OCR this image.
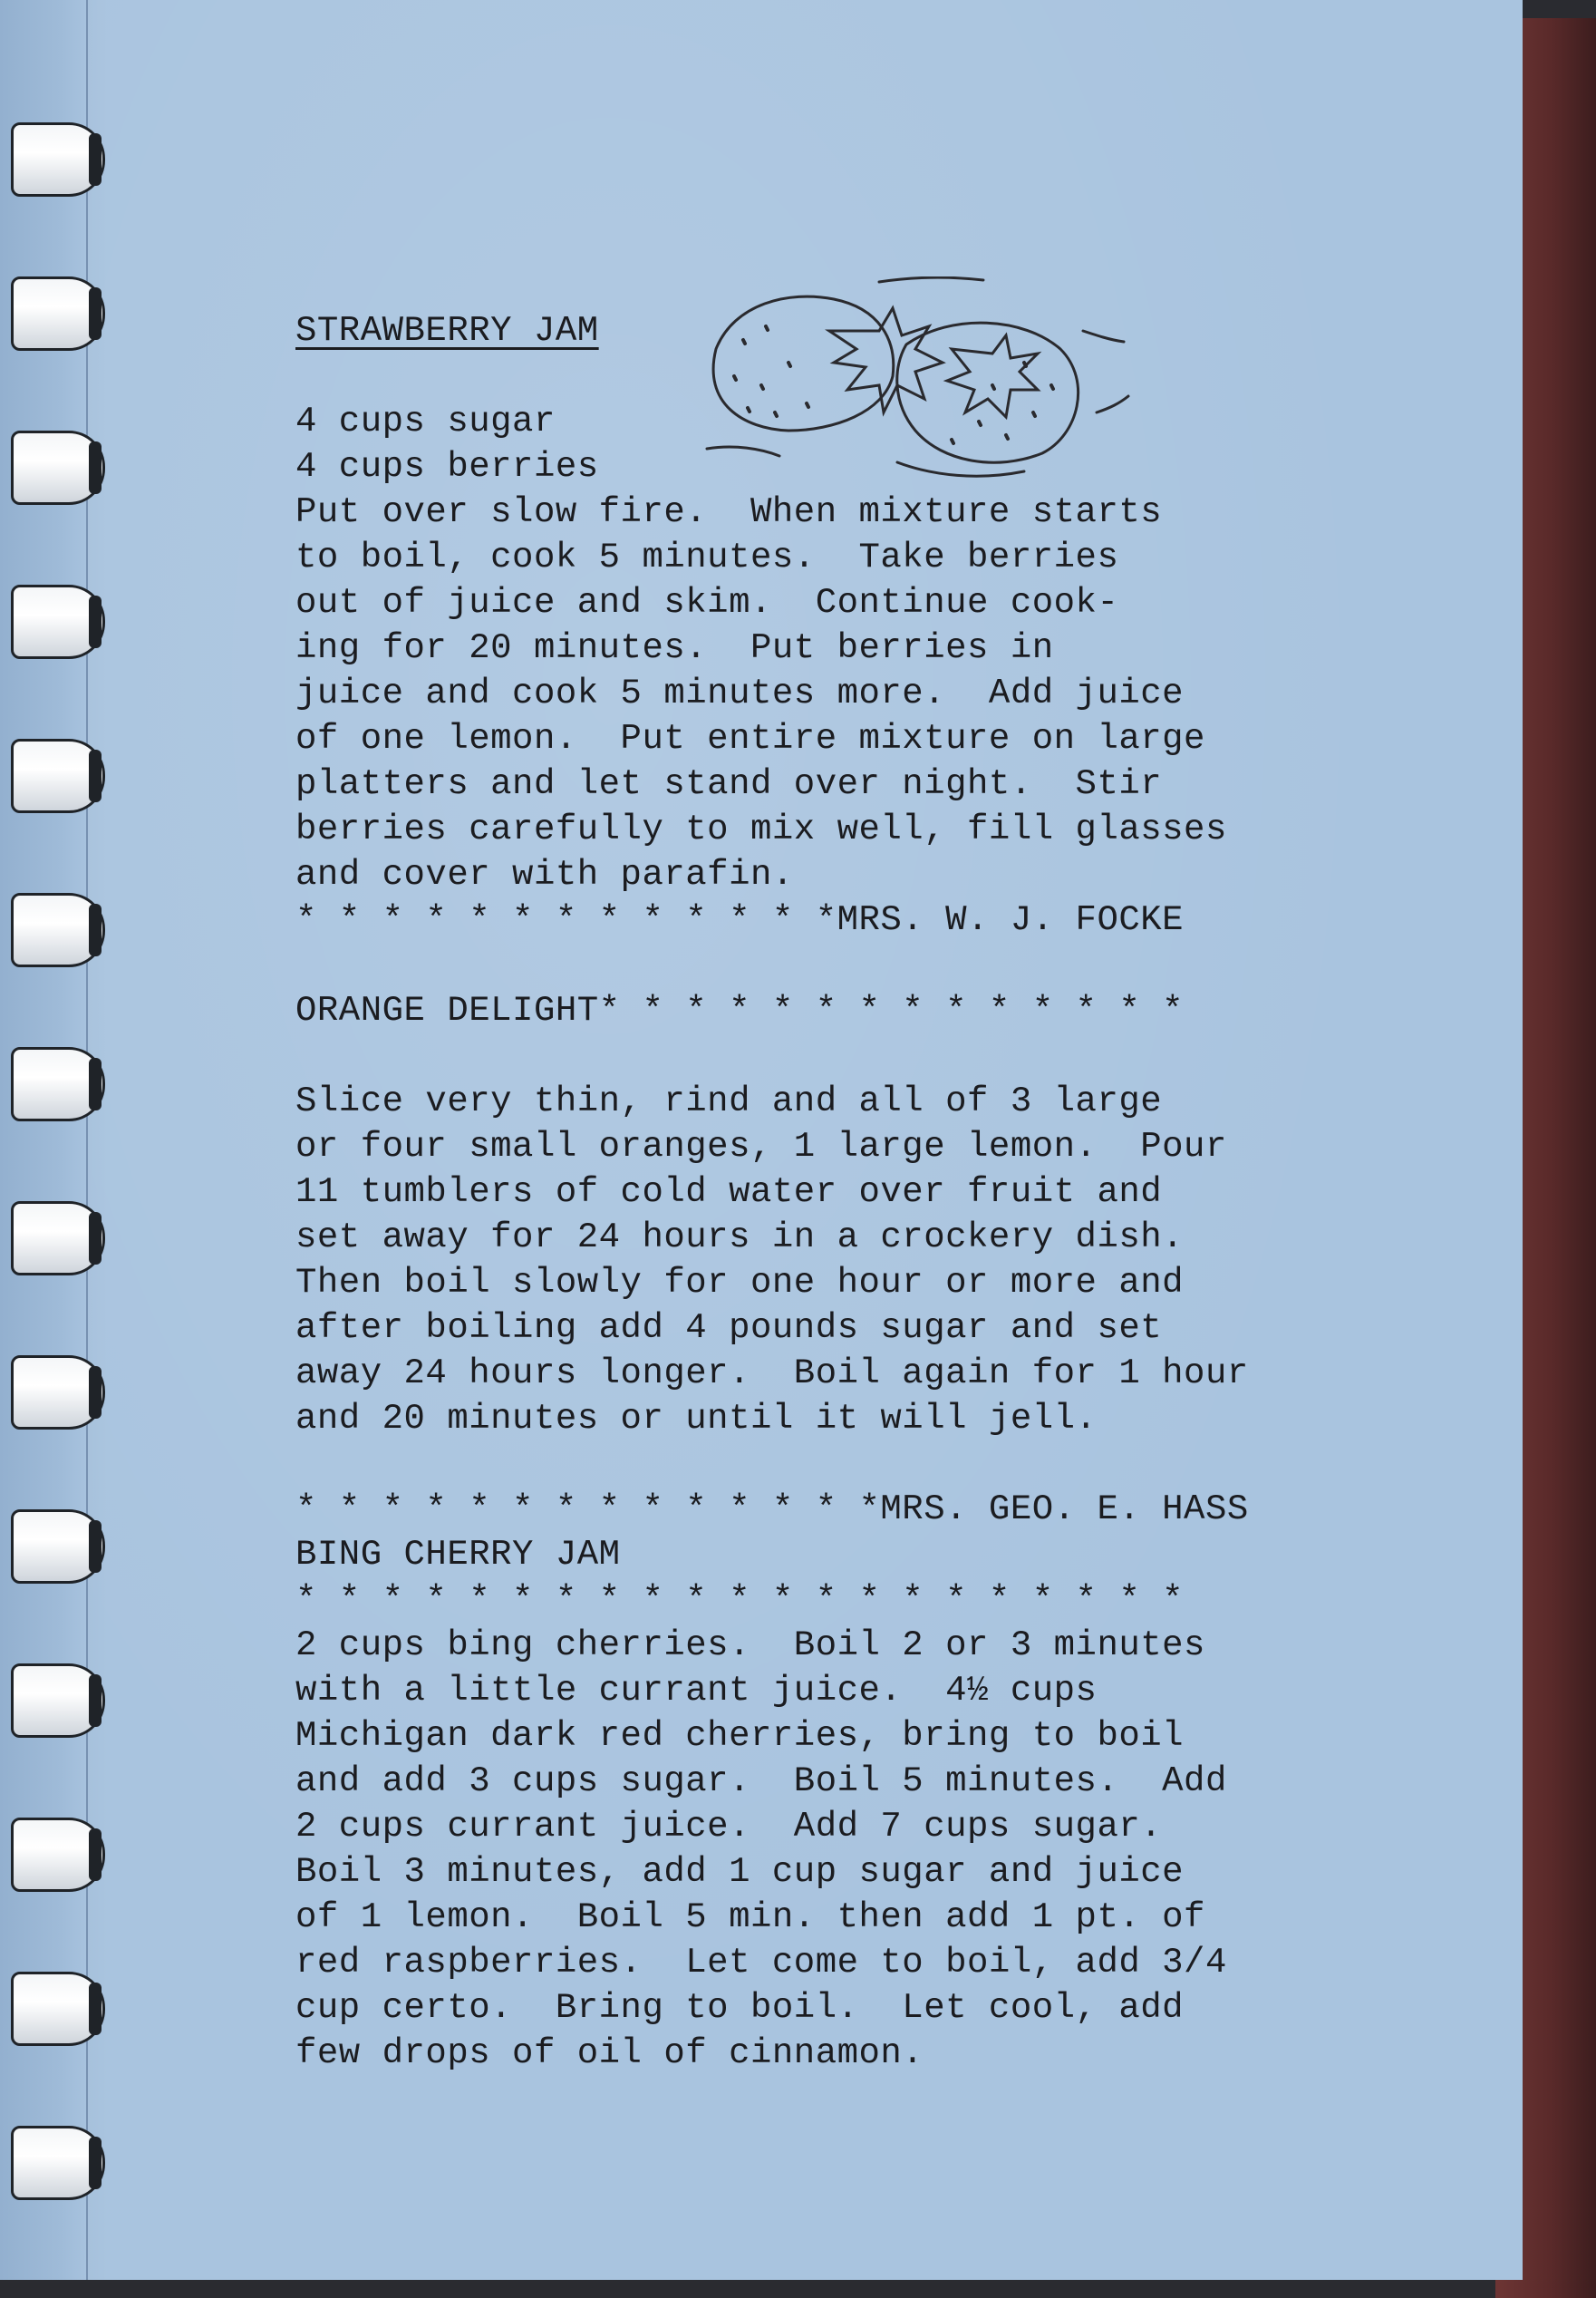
STRAWBERRY JAM
4 cups sugar
4 cups berries
Put over slow fire.  When mixture starts
to boil, cook 5 minutes.  Take berries
out of juice and skim.  Continue cook-
ing for 20 minutes.  Put berries in
juice and cook 5 minutes more.  Add juice
of one lemon.  Put entire mixture on large
platters and let stand over night.  Stir
berries carefully to mix well, fill glasses
and cover with parafin.
* * * * * * * * * * * * *MRS. W. J. FOCKE
ORANGE DELIGHT* * * * * * * * * * * * * *
Slice very thin, rind and all of 3 large
or four small oranges, 1 large lemon.  Pour
11 tumblers of cold water over fruit and
set away for 24 hours in a crockery dish.
Then boil slowly for one hour or more and
after boiling add 4 pounds sugar and set
away 24 hours longer.  Boil again for 1 hour
and 20 minutes or until it will jell.
* * * * * * * * * * * * * *MRS. GEO. E. HASS
BING CHERRY JAM
* * * * * * * * * * * * * * * * * * * * *
2 cups bing cherries.  Boil 2 or 3 minutes
with a little currant juice.  4½ cups
Michigan dark red cherries, bring to boil
and add 3 cups sugar.  Boil 5 minutes.  Add
2 cups currant juice.  Add 7 cups sugar.
Boil 3 minutes, add 1 cup sugar and juice
of 1 lemon.  Boil 5 min. then add 1 pt. of
red raspberries.  Let come to boil, add 3/4
cup certo.  Bring to boil.  Let cool, add
few drops of oil of cinnamon.
